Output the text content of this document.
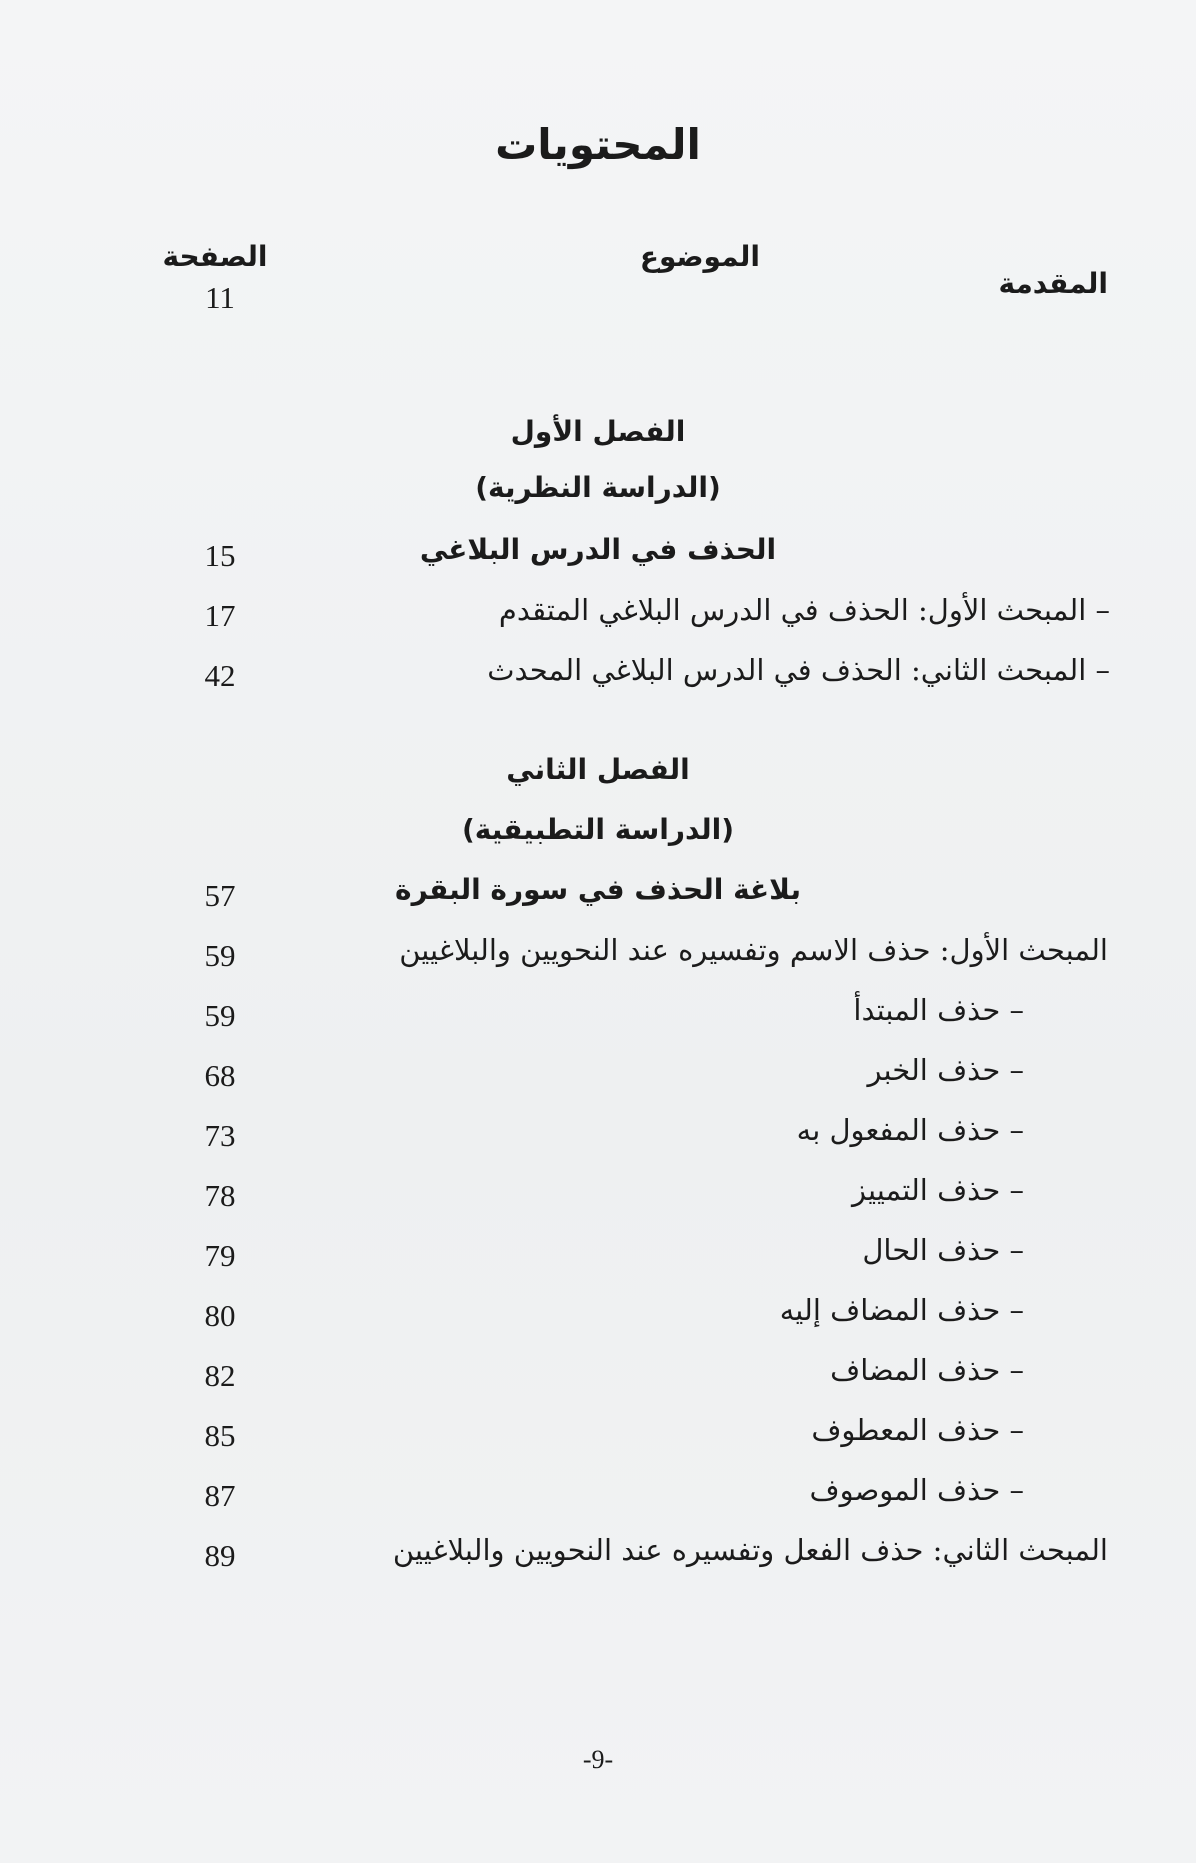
المحتويات
الموضوع
الصفحة
المقدمة
11
الفصل الأول
(الدراسة النظرية)
الحذف في الدرس البلاغي
15
– المبحث الأول: الحذف في الدرس البلاغي المتقدم
17
– المبحث الثاني: الحذف في الدرس البلاغي المحدث
42
الفصل الثاني
(الدراسة التطبيقية)
بلاغة الحذف في سورة البقرة
57
المبحث الأول: حذف الاسم وتفسيره عند النحويين والبلاغيين
59
– حذف المبتدأ
59
– حذف الخبر
68
– حذف المفعول به
73
– حذف التمييز
78
– حذف الحال
79
– حذف المضاف إليه
80
– حذف المضاف
82
– حذف المعطوف
85
– حذف الموصوف
87
المبحث الثاني: حذف الفعل وتفسيره عند النحويين والبلاغيين
89
-9-
